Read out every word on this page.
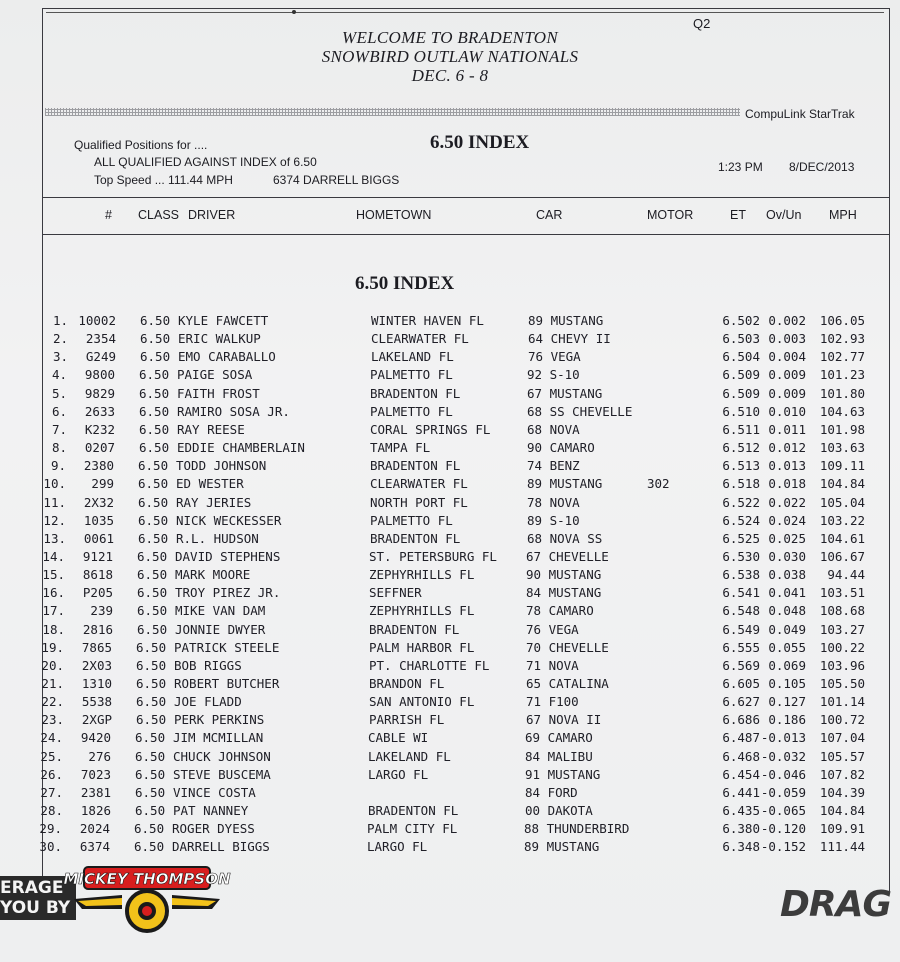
WELCOME TO BRADENTON
SNOWBIRD OUTLAW NATIONALS
DEC. 6 - 8
Q2
CompuLink StarTrak
Qualified Positions for ....	6.50 INDEX
ALL QUALIFIED AGAINST INDEX of 6.50
Top Speed ... 111.44 MPH	6374 DARRELL BIGGS
1:23 PM 8/DEC/2013
# CLASS DRIVER	HOMETOWN	CAR	MOTOR	ET Ov/Un MPH
6.50 INDEX
1. 10002 6.50 KYLE FAWCETT	WINTER HAVEN FL	89 MUSTANG	6.502 0.002	106.05
2.	2354 6.50 ERIC WALKUP	CLEARWATER FL	64 CHEVY II	6.503 0.003	102.93
3.	G249 6.50 EMO CARABALLO	LAKELAND FL	76 VEGA	6.504 0.004	102.77
4.	9800 6.50 PAIGE SOSA	PALMETTO FL	92 S-10	6.509 0.009	101.23
5.	9829 6.50 FAITH FROST	BRADENTON FL	67 MUSTANG	6.509 0.009	101.80
6.	2633 6.50 RAMIRO SOSA JR.	PALMETTO FL	68 SS CHEVELLE	6.510 0.010	104.63
7.	K232 6.50 RAY REESE	CORAL SPRINGS FL	68 NOVA	6.511 0.011	101.98
8.	0207 6.50 EDDIE CHAMBERLAIN	TAMPA FL	90 CAMARO	6.512 0.012	103.63
9.	2380 6.50 TODD JOHNSON	BRADENTON FL	74 BENZ	6.513 0.013	109.11
10.	299 6.50 ED WESTER	CLEARWATER FL	89 MUSTANG	302	6.518 0.018	104.84
11.	2X32 6.50 RAY JERIES	NORTH PORT FL	78 NOVA	6.522 0.022	105.04
12.	1035 6.50 NICK WECKESSER	PALMETTO FL	89 S-10	6.524 0.024	103.22
13.	0061 6.50 R.L. HUDSON	BRADENTON FL	68 NOVA SS	6.525 0.025	104.61
14.	9121 6.50 DAVID STEPHENS	ST. PETERSBURG FL 67 CHEVELLE	6.530 0.030	106.67
15.	8618 6.50 MARK MOORE	ZEPHYRHILLS FL	90 MUSTANG	6.538 0.038	94.44
16.	P205 6.50 TROY PIREZ JR.	SEFFNER	84 MUSTANG	6.541 0.041	103.51
17.	239 6.50 MIKE VAN DAM	ZEPHYRHILLS FL	78 CAMARO	6.548 0.048	108.68
18.	2816 6.50 JONNIE DWYER	BRADENTON FL	76 VEGA	6.549 0.049	103.27
19.	7865 6.50 PATRICK STEELE	PALM HARBOR FL	70 CHEVELLE	6.555 0.055	100.22
20.	2X03 6.50 BOB RIGGS	PT. CHARLOTTE FL	71 NOVA	6.569 0.069	103.96
21.	1310 6.50 ROBERT BUTCHER	BRANDON FL	65 CATALINA	6.605 0.105	105.50
22.	5538 6.50 JOE FLADD	SAN ANTONIO FL	71 F100	6.627 0.127	101.14
23.	2XGP 6.50 PERK PERKINS	PARRISH FL	67 NOVA II	6.686 0.186	100.72
24.	9420 6.50 JIM MCMILLAN	CABLE WI	69 CAMARO	6.487 -0.013	107.04
25.	276 6.50 CHUCK JOHNSON	LAKELAND FL	84 MALIBU	6.468 -0.032	105.57
26.	7023 6.50 STEVE BUSCEMA	LARGO FL	91 MUSTANG	6.454 -0.046	107.82
27.	2381 6.50 VINCE COSTA	84 FORD	6.441 -0.059	104.39
28.	1826 6.50 PAT NANNEY	BRADENTON FL	00 DAKOTA	6.435 -0.065	104.84
29.	2024 6.50 ROGER DYESS	PALM CITY FL	88 THUNDERBIRD	6.380 -0.120	109.91
30.	6374 6.50 DARRELL BIGGS	LARGO FL	89 MUSTANG	6.348 -0.152	111.44
ERAGE
YOU BY
MICKEY THOMPSON
DRAG
